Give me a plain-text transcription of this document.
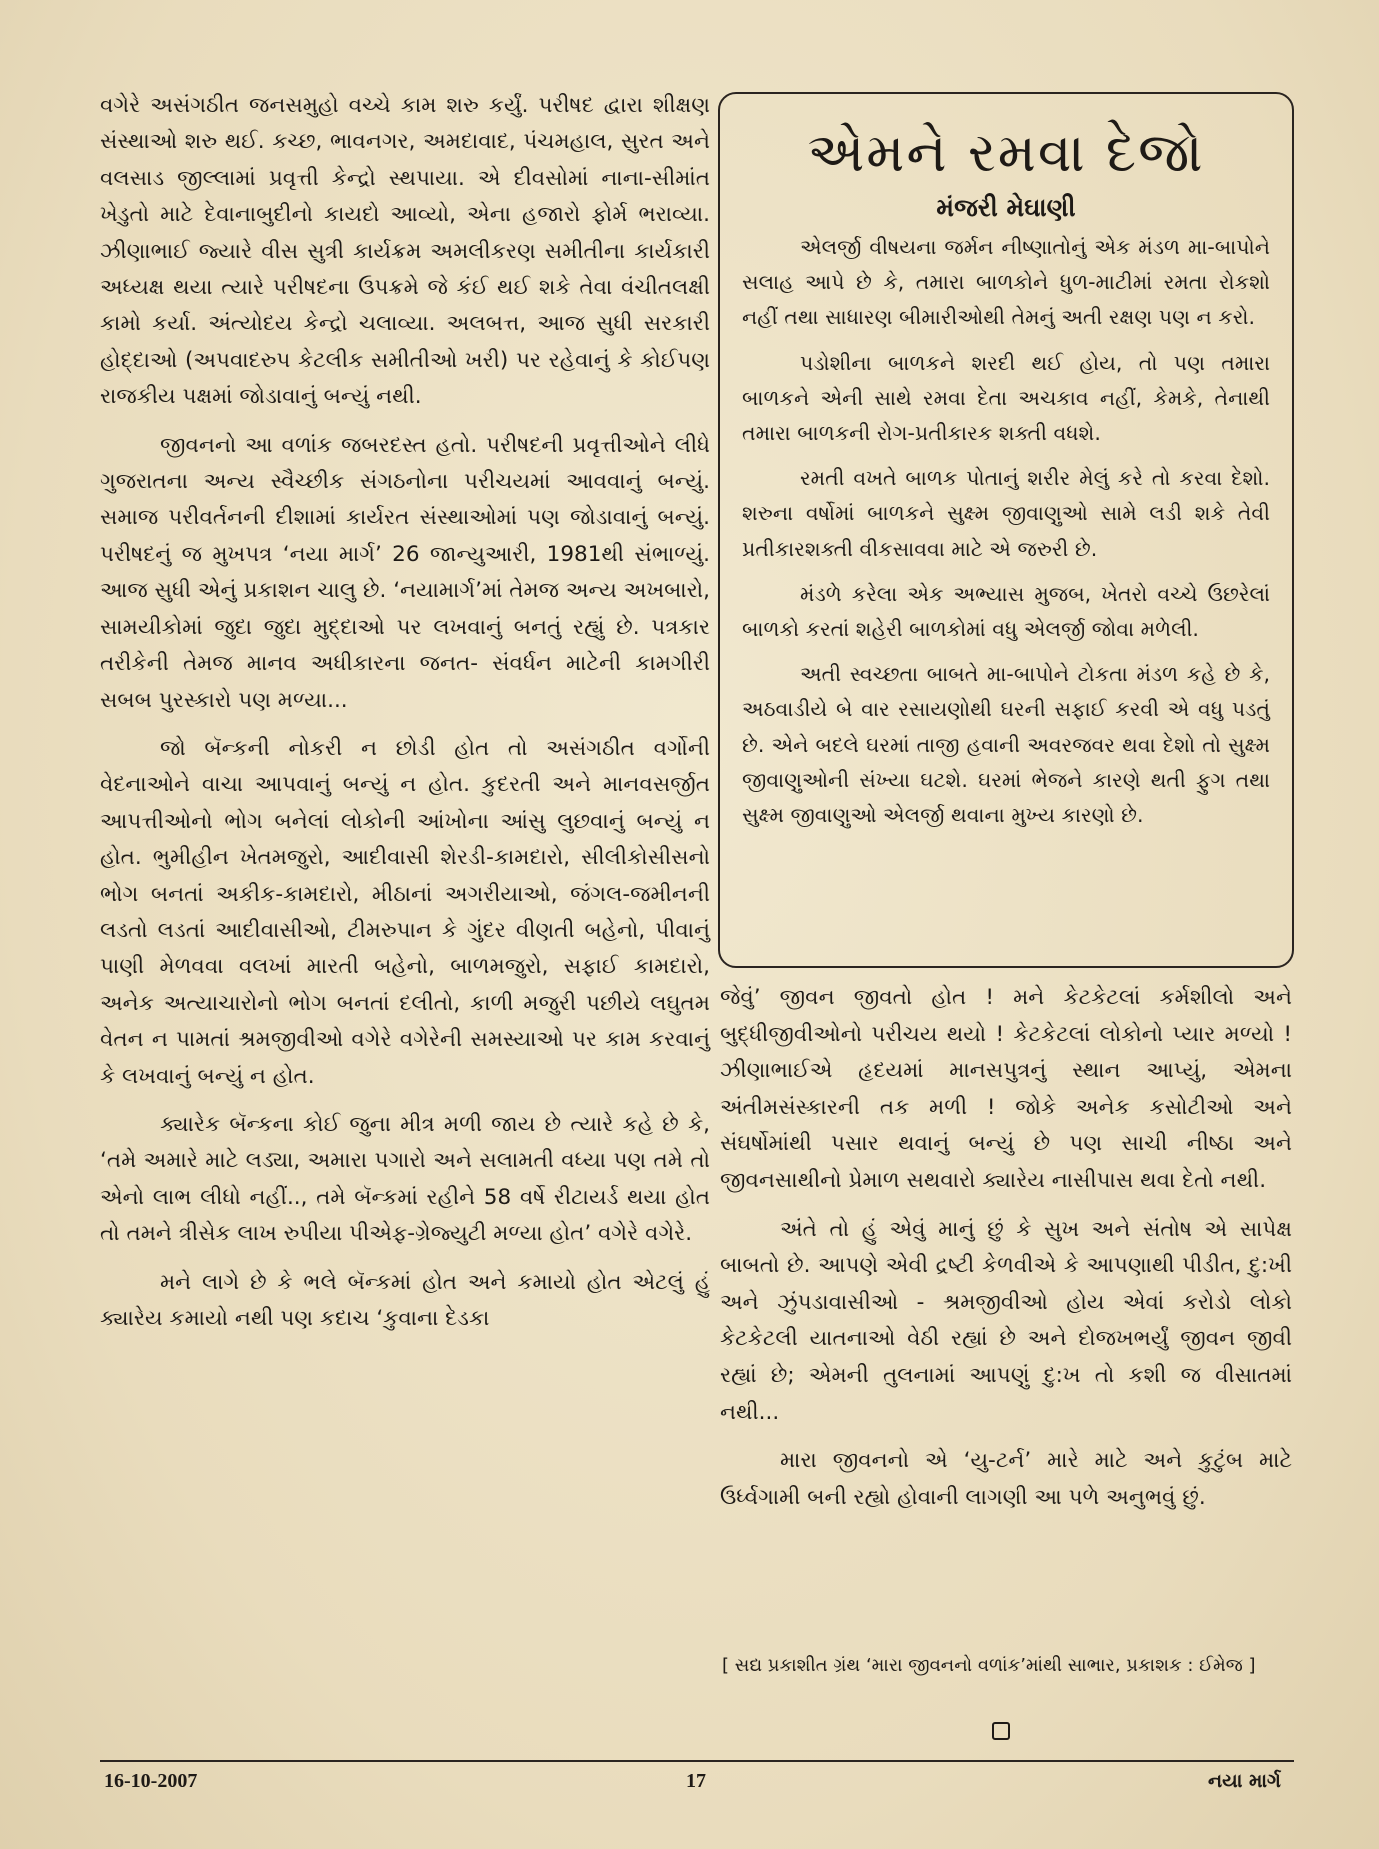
વગેરે અસંગઠીત જનસમુહો વચ્ચે કામ શરુ કર્યું. પરીષદ દ્વારા શીક્ષણ સંસ્થાઓ શરુ થઈ. કચ્છ, ભાવનગર, અમદાવાદ, પંચમહાલ, સુરત અને વલસાડ જીલ્લામાં પ્રવૃત્તી કેન્દ્રો સ્થપાયા. એ દીવસોમાં નાના-સીમાંત ખેડુતો માટે દેવાનાબુદીનો કાયદો આવ્યો, એના હજારો ફોર્મ ભરાવ્યા. ઝીણાભાઈ જ્યારે વીસ સુત્રી કાર્યક્રમ અમલીકરણ સમીતીના કાર્યકારી અધ્યક્ષ થયા ત્યારે પરીષદના ઉપક્રમે જે કંઈ થઈ શકે તેવા વંચીતલક્ષી કામો કર્યા. અંત્યોદય કેન્દ્રો ચલાવ્યા. અલબત્ત, આજ સુધી સરકારી હોદ્દાઓ (અપવાદરુપ કેટલીક સમીતીઓ ખરી) પર રહેવાનું કે કોઈપણ રાજકીય પક્ષમાં જોડાવાનું બન્યું નથી.

જીવનનો આ વળાંક જબરદસ્ત હતો. પરીષદની પ્રવૃત્તીઓને લીધે ગુજરાતના અન્ય સ્વૈચ્છીક સંગઠનોના પરીચયમાં આવવાનું બન્યું. સમાજ પરીવર્તનની દીશામાં કાર્યરત સંસ્થાઓમાં પણ જોડાવાનું બન્યું. પરીષદનું જ મુખપત્ર ‘નયા માર્ગ’ 26 જાન્યુઆરી, 1981થી સંભાળ્યું. આજ સુધી એનું પ્રકાશન ચાલુ છે. ‘નયામાર્ગ’માં તેમજ અન્ય અખબારો, સામયીકોમાં જુદા જુદા મુદ્દાઓ પર લખવાનું બનતું રહ્યું છે. પત્રકાર તરીકેની તેમજ માનવ અધીકારના જનત- સંવર્ધન માટેની કામગીરી સબબ પુરસ્કારો પણ મળ્યા...

જો બૅન્કની નોકરી ન છોડી હોત તો અસંગઠીત વર્ગોની વેદનાઓને વાચા આપવાનું બન્યું ન હોત. કુદરતી અને માનવસર્જીત આપત્તીઓનો ભોગ બનેલાં લોકોની આંખોના આંસુ લુછવાનું બન્યું ન હોત. ભુમીહીન ખેતમજુરો, આદીવાસી શેરડી-કામદારો, સીલીકોસીસનો ભોગ બનતાં અકીક-કામદારો, મીઠાનાં અગરીયાઓ, જંગલ-જમીનની લડતો લડતાં આદીવાસીઓ, ટીમરુપાન કે ગુંદર વીણતી બહેનો, પીવાનું પાણી મેળવવા વલખાં મારતી બહેનો, બાળમજુરો, સફાઈ કામદારો, અનેક અત્યાચારોનો ભોગ બનતાં દલીતો, કાળી મજુરી પછીયે લઘુતમ વેતન ન પામતાં શ્રમજીવીઓ વગેરે વગેરેની સમસ્યાઓ પર કામ કરવાનું કે લખવાનું બન્યું ન હોત.

ક્યારેક બૅન્કના કોઈ જુના મીત્ર મળી જાય છે ત્યારે કહે છે કે, ‘તમે અમારે માટે લડ્યા, અમારા પગારો અને સલામતી વધ્યા પણ તમે તો એનો લાભ લીધો નહીં.., તમે બૅન્કમાં રહીને 58 વર્ષે રીટાયર્ડ થયા હોત તો તમને ત્રીસેક લાખ રુપીયા પીએફ-ગ્રેજ્યુટી મળ્યા હોત’ વગેરે વગેરે.

મને લાગે છે કે ભલે બૅન્કમાં હોત અને કમાયો હોત એટલું હું ક્યારેય કમાયો નથી પણ કદાચ ‘કુવાના દેડકા

એમને રમવા દેજો
મંજરી મેઘાણી

એલર્જી વીષયના જર્મન નીષ્ણાતોનું એક મંડળ મા-બાપોને સલાહ આપે છે કે, તમારા બાળકોને ધુળ-માટીમાં રમતા રોકશો નહીં તથા સાધારણ બીમારીઓથી તેમનું અતી રક્ષણ પણ ન કરો.

પડોશીના બાળકને શરદી થઈ હોય, તો પણ તમારા બાળકને એની સાથે રમવા દેતા અચકાવ નહીં, કેમકે, તેનાથી તમારા બાળકની રોગ-પ્રતીકારક શક્તી વધશે.

રમતી વખતે બાળક પોતાનું શરીર મેલું કરે તો કરવા દેશો. શરુના વર્ષોમાં બાળકને સુક્ષ્મ જીવાણુઓ સામે લડી શકે તેવી પ્રતીકારશક્તી વીકસાવવા માટે એ જરુરી છે.

મંડળે કરેલા એક અભ્યાસ મુજબ, ખેતરો વચ્ચે ઉછરેલાં બાળકો કરતાં શહેરી બાળકોમાં વધુ એલર્જી જોવા મળેલી.

અતી સ્વચ્છતા બાબતે મા-બાપોને ટોકતા મંડળ કહે છે કે, અઠવાડીયે બે વાર રસાયણોથી ઘરની સફાઈ કરવી એ વધુ પડતું છે. એને બદલે ઘરમાં તાજી હવાની અવરજવર થવા દેશો તો સુક્ષ્મ જીવાણુઓની સંખ્યા ઘટશે. ઘરમાં ભેજને કારણે થતી ફુગ તથા સુક્ષ્મ જીવાણુઓ એલર્જી થવાના મુખ્ય કારણો છે.

જેવું’ જીવન જીવતો હોત ! મને કેટકેટલાં કર્મશીલો અને બુદ્ધીજીવીઓનો પરીચય થયો ! કેટકેટલાં લોકોનો પ્યાર મળ્યો ! ઝીણાભાઈએ હૃદયમાં માનસપુત્રનું સ્થાન આપ્યું, એમના અંતીમસંસ્કારની તક મળી ! જોકે અનેક કસોટીઓ અને સંઘર્ષોમાંથી પસાર થવાનું બન્યું છે પણ સાચી નીષ્ઠા અને જીવનસાથીનો પ્રેમાળ સથવારો ક્યારેય નાસીપાસ થવા દેતો નથી.

અંતે તો હું એવું માનું છું કે સુખ અને સંતોષ એ સાપેક્ષ બાબતો છે. આપણે એવી દ્રષ્ટી કેળવીએ કે આપણાથી પીડીત, દુ:ખી અને ઝુંપડાવાસીઓ - શ્રમજીવીઓ હોય એવાં કરોડો લોકો કેટકેટલી યાતનાઓ વેઠી રહ્યાં છે અને દોજખભર્યું જીવન જીવી રહ્યાં છે; એમની તુલનામાં આપણું દુ:ખ તો કશી જ વીસાતમાં નથી...

મારા જીવનનો એ ‘યુ-ટર્ન’ મારે માટે અને કુટુંબ માટે ઉર્ધ્વગામી બની રહ્યો હોવાની લાગણી આ પળે અનુભવું છું.

[ સદ્ય પ્રકાશીત ગ્રંથ ‘મારા જીવનનો વળાંક’માંથી સાભાર, પ્રકાશક : ઈમેજ ]

16-10-2007	17	નયા માર્ગ
